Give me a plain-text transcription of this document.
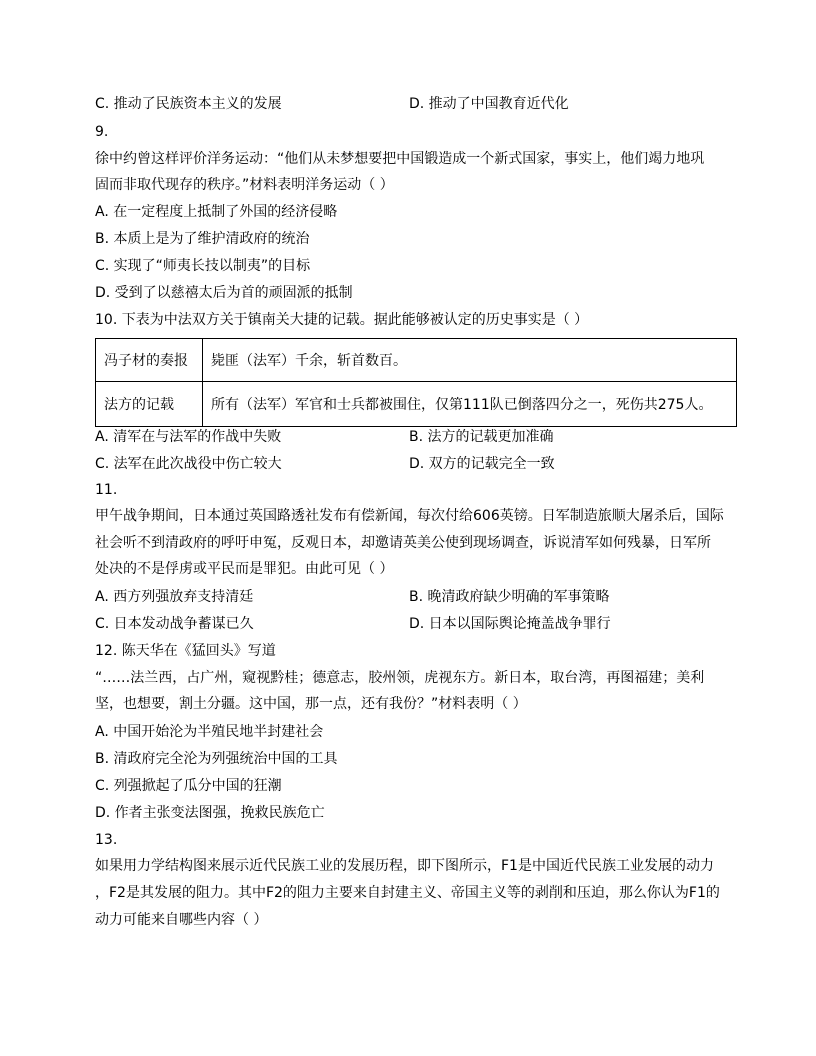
C. 推动了民族资本主义的发展	D. 推动了中国教育近代化
9.
徐中约曾这样评价洋务运动：“他们从未梦想要把中国锻造成一个新式国家，事实上，他们竭力地巩
固而非取代现存的秩序。”材料表明洋务运动（ ）
A. 在一定程度上抵制了外国的经济侵略
B. 本质上是为了维护清政府的统治
C. 实现了“师夷长技以制夷”的目标
D. 受到了以慈禧太后为首的顽固派的抵制
10. 下表为中法双方关于镇南关大捷的记载。据此能够被认定的历史事实是（ ）
冯子材的奏报	毙匪（法军）千余，斩首数百。
法方的记载	所有（法军）军官和士兵都被围住，仅第111队已倒落四分之一，死伤共275人。
A. 清军在与法军的作战中失败	B. 法方的记载更加准确
C. 法军在此次战役中伤亡较大	D. 双方的记载完全一致
11.
甲午战争期间，日本通过英国路透社发布有偿新闻，每次付给606英镑。日军制造旅顺大屠杀后，国际
社会听不到清政府的呼吁申冤，反观日本，却邀请英美公使到现场调查，诉说清军如何残暴，日军所
处决的不是俘虏或平民而是罪犯。由此可见（ ）
A. 西方列强放弃支持清廷	B. 晚清政府缺少明确的军事策略
C. 日本发动战争蓄谋已久	D. 日本以国际舆论掩盖战争罪行
12. 陈天华在《猛回头》写道
“……法兰西，占广州，窥视黔桂；德意志，胶州领，虎视东方。新日本，取台湾，再图福建；美利
坚，也想要，割土分疆。这中国，那一点，还有我份？”材料表明（ ）
A. 中国开始沦为半殖民地半封建社会
B. 清政府完全沦为列强统治中国的工具
C. 列强掀起了瓜分中国的狂潮
D. 作者主张变法图强，挽救民族危亡
13.
如果用力学结构图来展示近代民族工业的发展历程，即下图所示，F1是中国近代民族工业发展的动力
，F2是其发展的阻力。其中F2的阻力主要来自封建主义、帝国主义等的剥削和压迫，那么你认为F1的
动力可能来自哪些内容（ ）
